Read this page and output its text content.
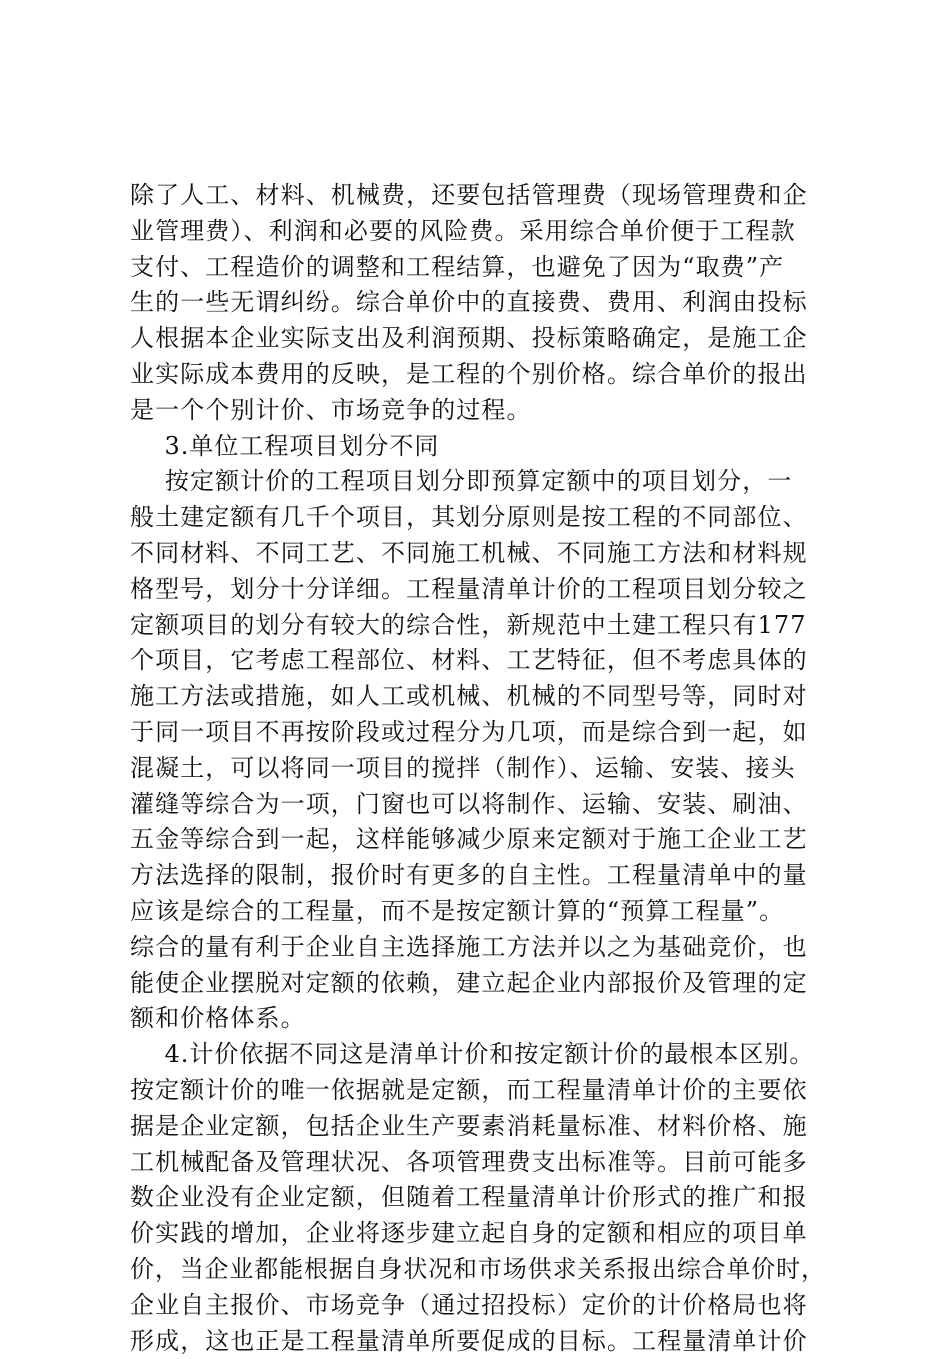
除了人工、材料、机械费，还要包括管理费（现场管理费和企
业管理费）、利润和必要的风险费。采用综合单价便于工程款
支付、工程造价的调整和工程结算，也避免了因为“取费”产
生的一些无谓纠纷。综合单价中的直接费、费用、利润由投标
人根据本企业实际支出及利润预期、投标策略确定，是施工企
业实际成本费用的反映，是工程的个别价格。综合单价的报出
是一个个别计价、市场竞争的过程。
3.单位工程项目划分不同
按定额计价的工程项目划分即预算定额中的项目划分，一
般土建定额有几千个项目，其划分原则是按工程的不同部位、
不同材料、不同工艺、不同施工机械、不同施工方法和材料规
格型号，划分十分详细。工程量清单计价的工程项目划分较之
定额项目的划分有较大的综合性，新规范中土建工程只有177
个项目，它考虑工程部位、材料、工艺特征，但不考虑具体的
施工方法或措施，如人工或机械、机械的不同型号等，同时对
于同一项目不再按阶段或过程分为几项，而是综合到一起，如
混凝土，可以将同一项目的搅拌（制作）、运输、安装、接头
灌缝等综合为一项，门窗也可以将制作、运输、安装、刷油、
五金等综合到一起，这样能够减少原来定额对于施工企业工艺
方法选择的限制，报价时有更多的自主性。工程量清单中的量
应该是综合的工程量，而不是按定额计算的“预算工程量”。
综合的量有利于企业自主选择施工方法并以之为基础竞价，也
能使企业摆脱对定额的依赖，建立起企业内部报价及管理的定
额和价格体系。
4.计价依据不同这是清单计价和按定额计价的最根本区别。
按定额计价的唯一依据就是定额，而工程量清单计价的主要依
据是企业定额，包括企业生产要素消耗量标准、材料价格、施
工机械配备及管理状况、各项管理费支出标准等。目前可能多
数企业没有企业定额，但随着工程量清单计价形式的推广和报
价实践的增加，企业将逐步建立起自身的定额和相应的项目单
价，当企业都能根据自身状况和市场供求关系报出综合单价时，
企业自主报价、市场竞争（通过招投标）定价的计价格局也将
形成，这也正是工程量清单所要促成的目标。工程量清单计价
